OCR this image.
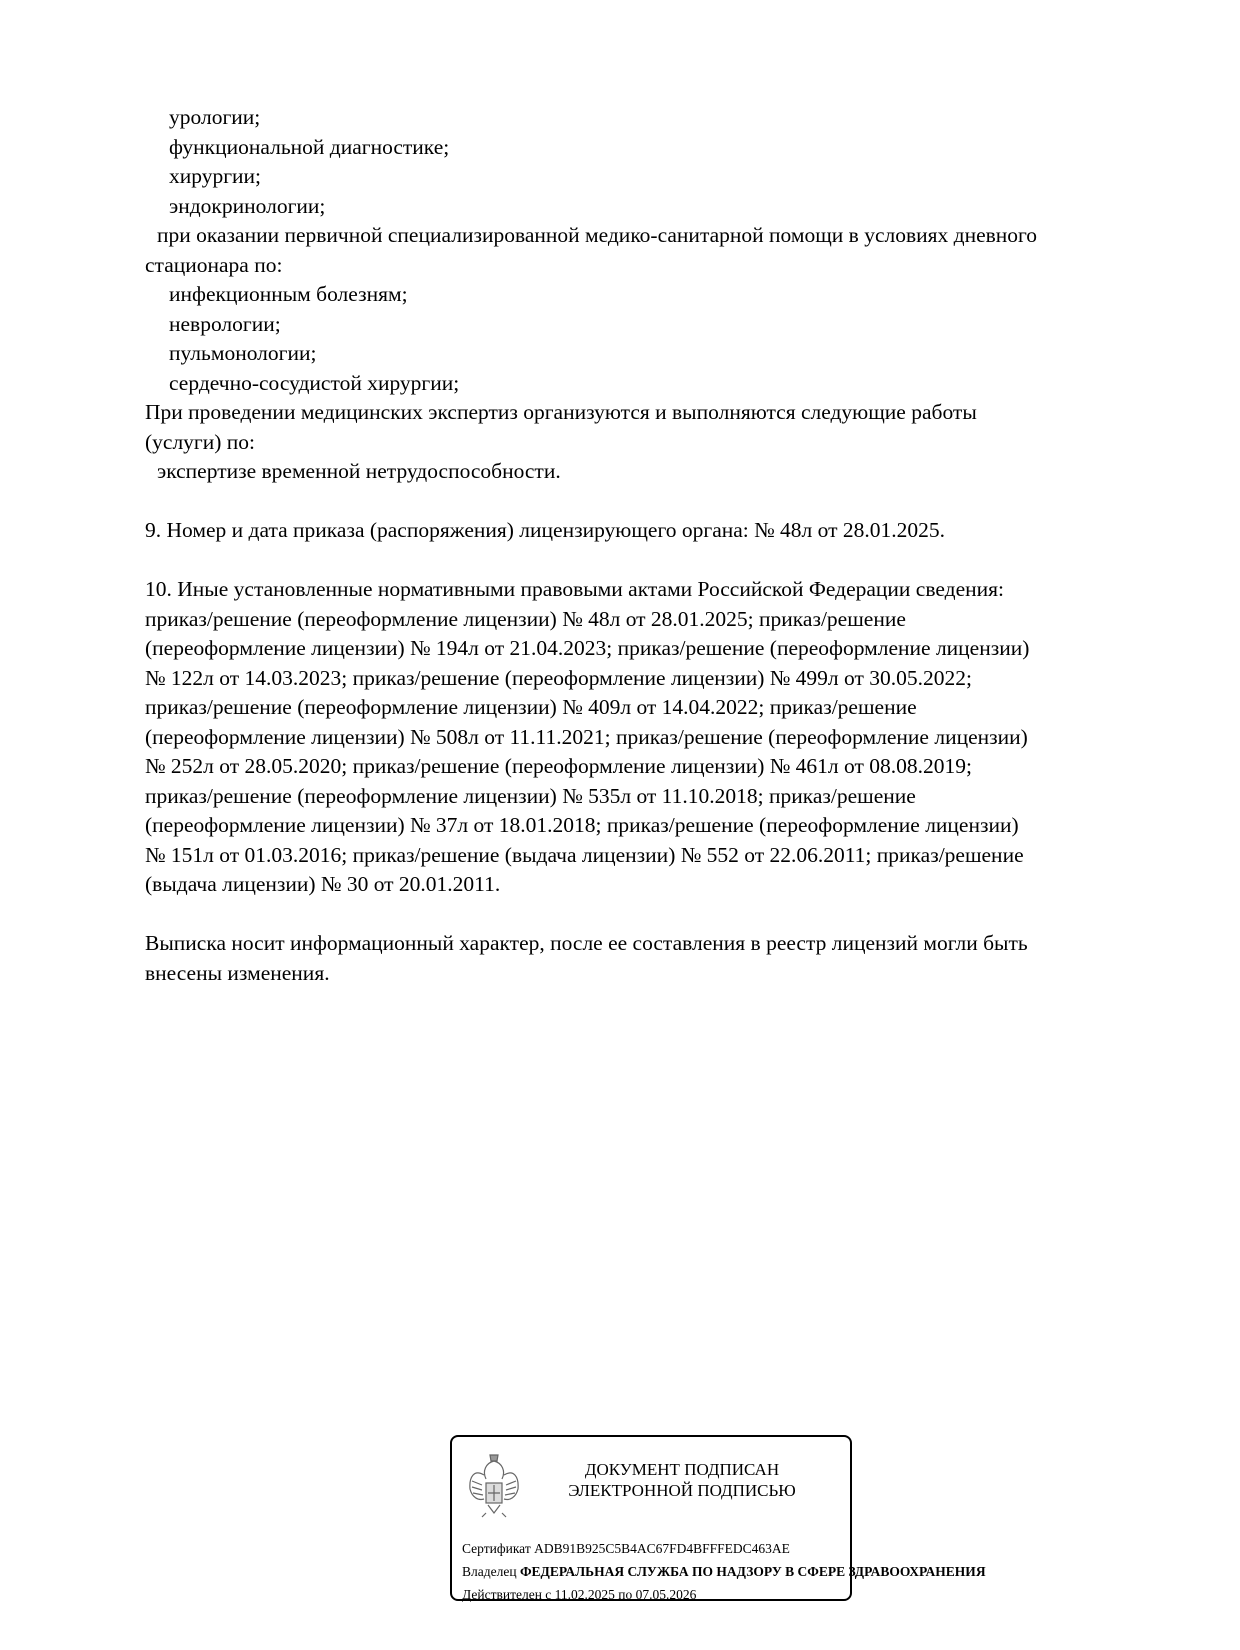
урологии;
функциональной диагностике;
хирургии;
эндокринологии;
при оказании первичной специализированной медико-санитарной помощи в условиях дневного
стационара по:
инфекционным болезням;
неврологии;
пульмонологии;
сердечно-сосудистой хирургии;
При проведении медицинских экспертиз организуются и выполняются следующие работы
(услуги) по:
экспертизе временной нетрудоспособности.
9. Номер и дата приказа (распоряжения) лицензирующего органа: № 48л от 28.01.2025.
10. Иные установленные нормативными правовыми актами Российской Федерации сведения:
приказ/решение (переоформление лицензии) № 48л от 28.01.2025; приказ/решение
(переоформление лицензии) № 194л от 21.04.2023; приказ/решение (переоформление лицензии)
№ 122л от 14.03.2023; приказ/решение (переоформление лицензии) № 499л от 30.05.2022;
приказ/решение (переоформление лицензии) № 409л от 14.04.2022; приказ/решение
(переоформление лицензии) № 508л от 11.11.2021; приказ/решение (переоформление лицензии)
№ 252л от 28.05.2020; приказ/решение (переоформление лицензии) № 461л от 08.08.2019;
приказ/решение (переоформление лицензии) № 535л от 11.10.2018; приказ/решение
(переоформление лицензии) № 37л от 18.01.2018; приказ/решение (переоформление лицензии)
№ 151л от 01.03.2016; приказ/решение (выдача лицензии) № 552 от 22.06.2011; приказ/решение
(выдача лицензии) № 30 от 20.01.2011.
Выписка носит информационный характер, после ее составления в реестр лицензий могли быть
внесены изменения.
ДОКУМЕНТ ПОДПИСАН
ЭЛЕКТРОННОЙ ПОДПИСЬЮ
Сертификат ADB91B925C5B4AC67FD4BFFFEDC463AE
Владелец ФЕДЕРАЛЬНАЯ СЛУЖБА ПО НАДЗОРУ В СФЕРЕ ЗДРАВООХРАНЕНИЯ
Действителен с 11.02.2025 по 07.05.2026
